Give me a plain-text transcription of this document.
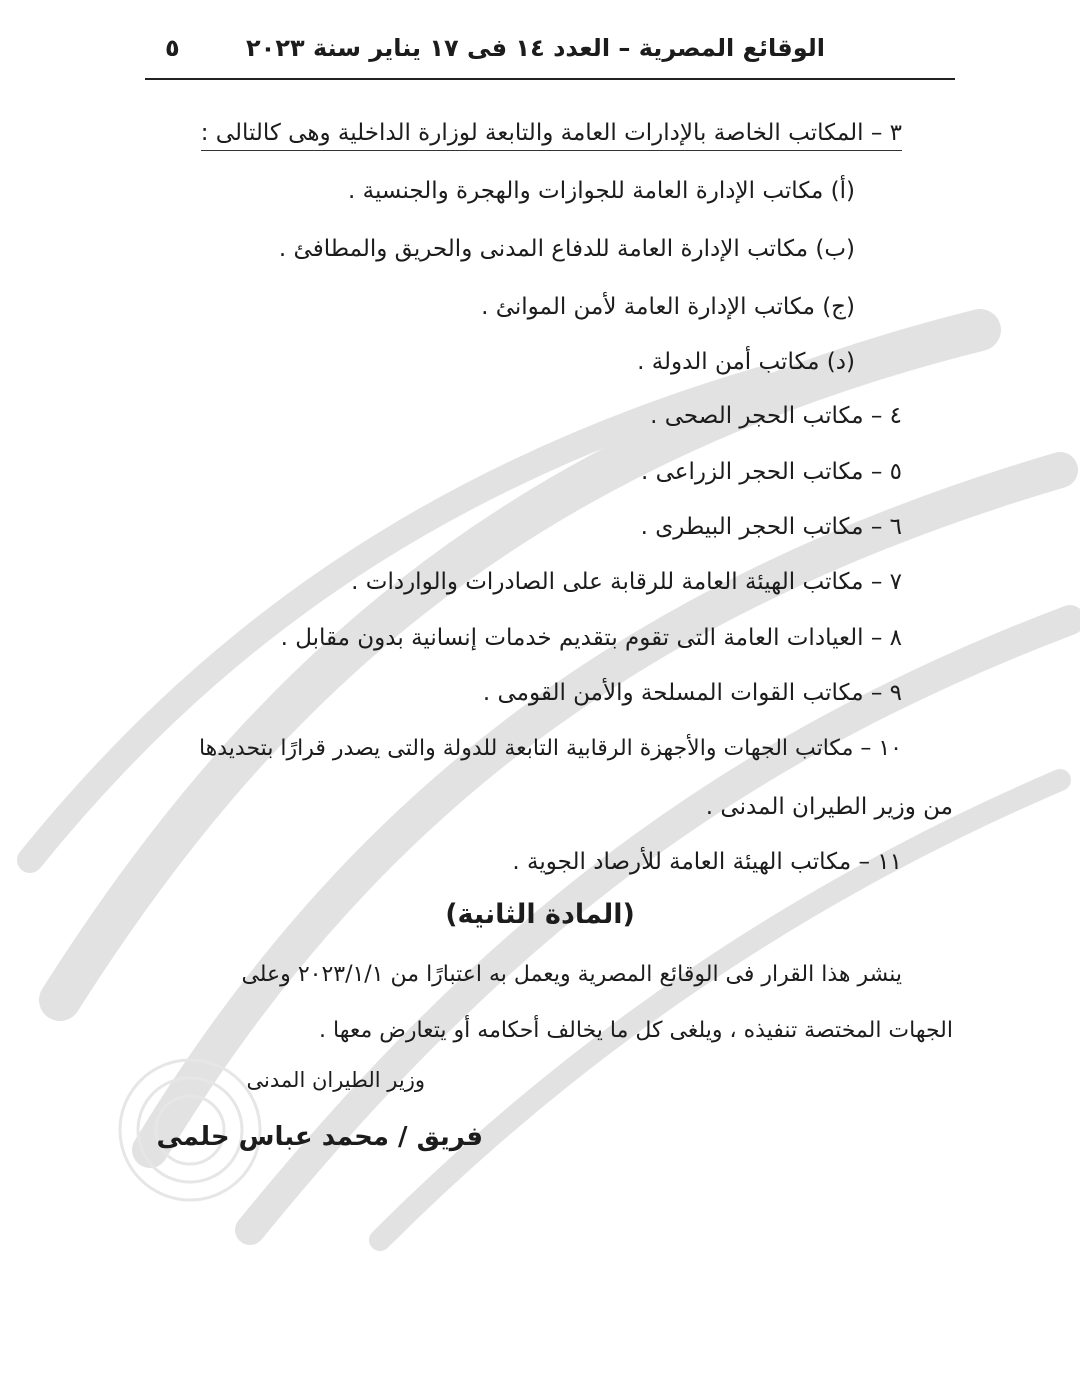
الوقائع المصرية – العدد ١٤ فى ١٧ يناير سنة ٢٠٢٣
٥
٣ – المكاتب الخاصة بالإدارات العامة والتابعة لوزارة الداخلية وهى كالتالى :
(أ) مكاتب الإدارة العامة للجوازات والهجرة والجنسية .
(ب) مكاتب الإدارة العامة للدفاع المدنى والحريق والمطافئ .
(ج) مكاتب الإدارة العامة لأمن الموانئ .
(د) مكاتب أمن الدولة .
٤ – مكاتب الحجر الصحى .
٥ – مكاتب الحجر الزراعى .
٦ – مكاتب الحجر البيطرى .
٧ – مكاتب الهيئة العامة للرقابة على الصادرات والواردات .
٨ – العيادات العامة التى تقوم بتقديم خدمات إنسانية بدون مقابل .
٩ – مكاتب القوات المسلحة والأمن القومى .
١٠ – مكاتب الجهات والأجهزة الرقابية التابعة للدولة والتى يصدر قرارًا بتحديدها
من وزير الطيران المدنى .
١١ – مكاتب الهيئة العامة للأرصاد الجوية .
(المادة الثانية)
ينشر هذا القرار فى الوقائع المصرية ويعمل به اعتبارًا من ٢٠٢٣/١/١ وعلى
الجهات المختصة تنفيذه ، ويلغى كل ما يخالف أحكامه أو يتعارض معها .
وزير الطيران المدنى
فريق / محمد عباس حلمى
